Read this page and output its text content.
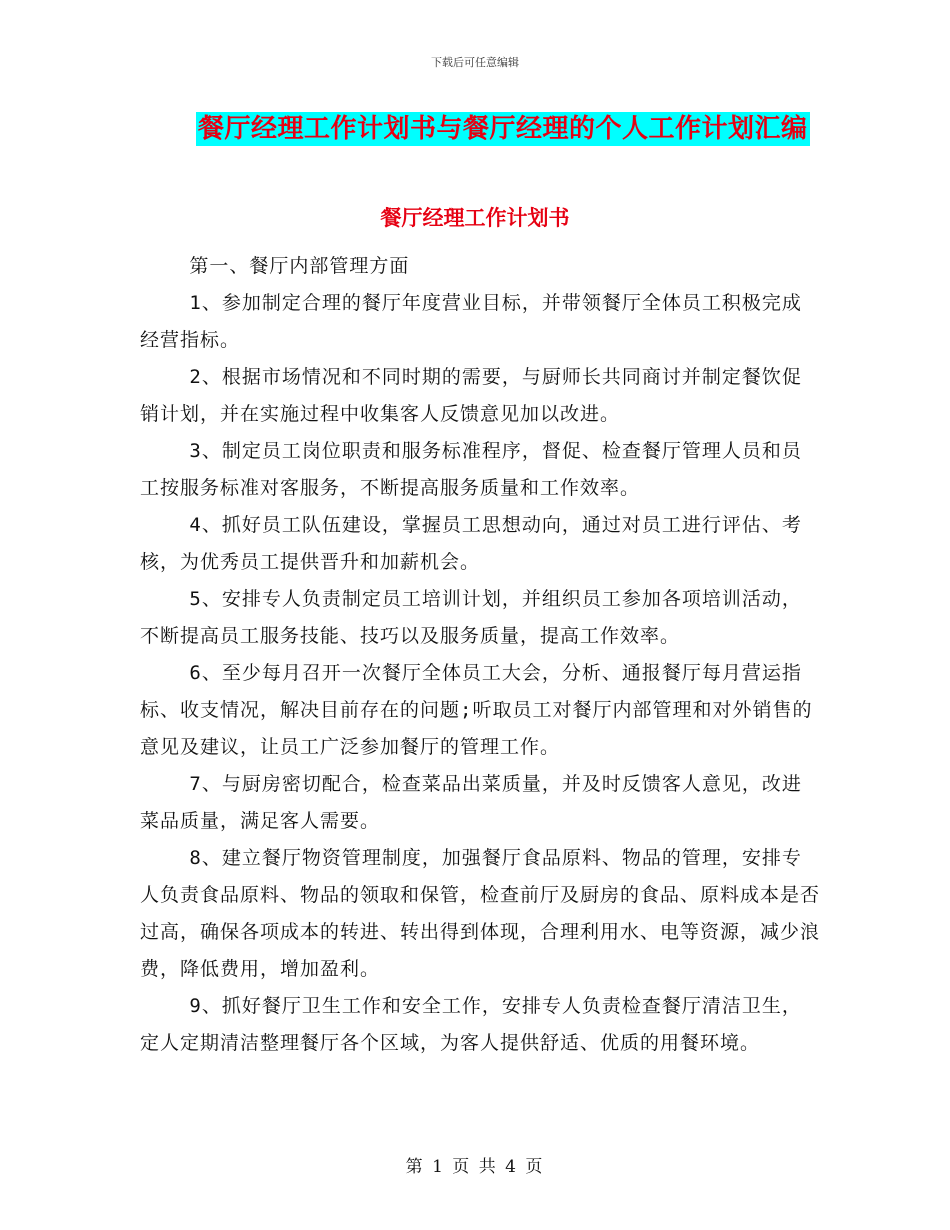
下载后可任意编辑
餐厅经理工作计划书与餐厅经理的个人工作计划汇编
餐厅经理工作计划书

第一、餐厅内部管理方面

1、参加制定合理的餐厅年度营业目标，并带领餐厅全体员工积极完成经营指标。

2、根据市场情况和不同时期的需要，与厨师长共同商讨并制定餐饮促销计划，并在实施过程中收集客人反馈意见加以改进。

3、制定员工岗位职责和服务标准程序，督促、检查餐厅管理人员和员工按服务标准对客服务，不断提高服务质量和工作效率。

4、抓好员工队伍建设，掌握员工思想动向，通过对员工进行评估、考核，为优秀员工提供晋升和加薪机会。

5、安排专人负责制定员工培训计划，并组织员工参加各项培训活动，不断提高员工服务技能、技巧以及服务质量，提高工作效率。

6、至少每月召开一次餐厅全体员工大会，分析、通报餐厅每月营运指标、收支情况，解决目前存在的问题;听取员工对餐厅内部管理和对外销售的意见及建议，让员工广泛参加餐厅的管理工作。

7、与厨房密切配合，检查菜品出菜质量，并及时反馈客人意见，改进菜品质量，满足客人需要。

8、建立餐厅物资管理制度，加强餐厅食品原料、物品的管理，安排专人负责食品原料、物品的领取和保管，检查前厅及厨房的食品、原料成本是否过高，确保各项成本的转进、转出得到体现，合理利用水、电等资源，减少浪费，降低费用，增加盈利。

9、抓好餐厅卫生工作和安全工作，安排专人负责检查餐厅清洁卫生，定人定期清洁整理餐厅各个区域，为客人提供舒适、优质的用餐环境。

第 1 页 共 4 页
